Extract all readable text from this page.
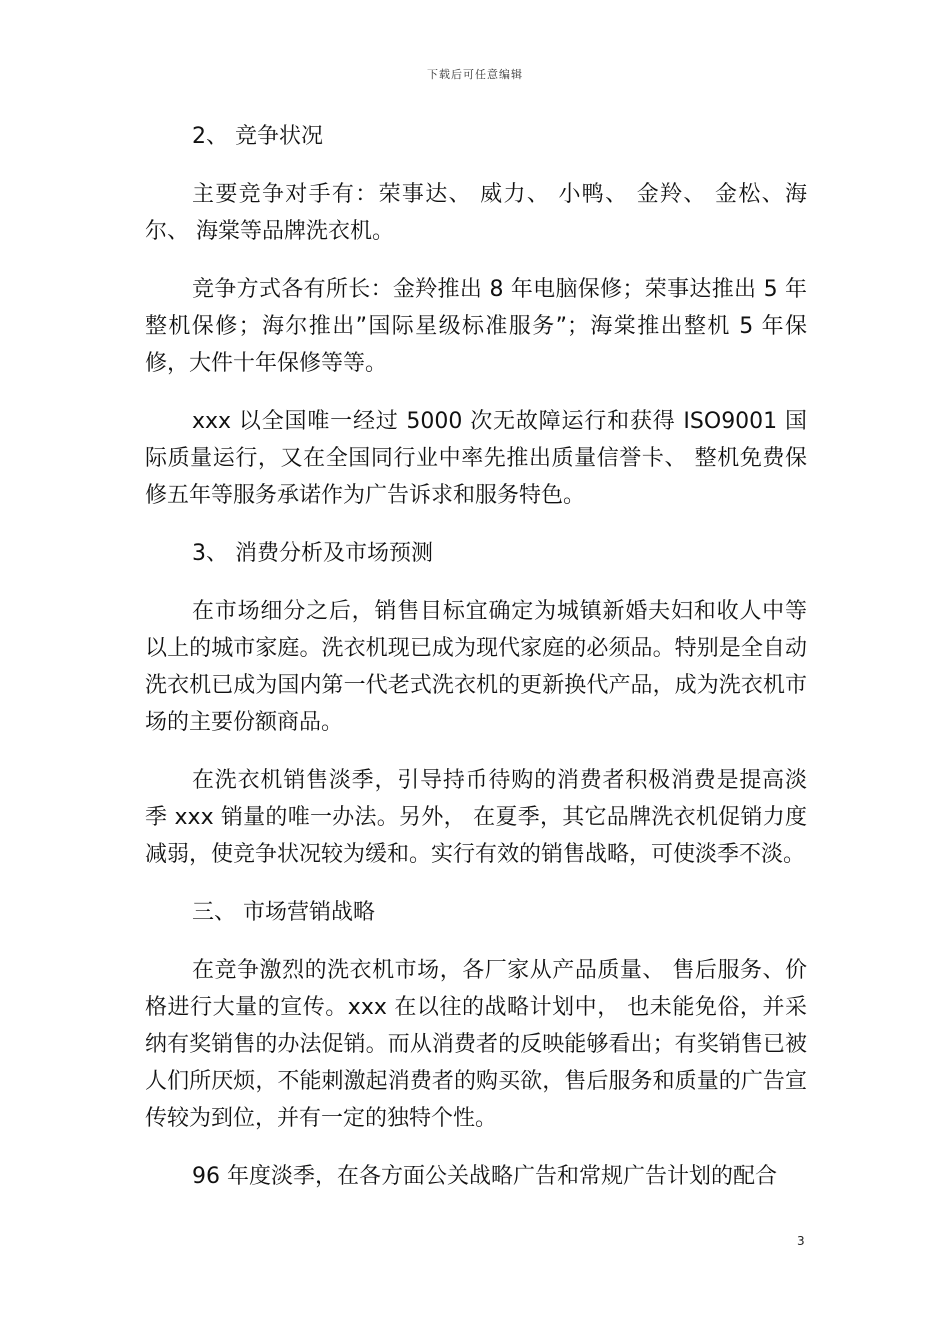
下载后可任意编辑
2、 竞争状况
主要竞争对手有：荣事达、 威力、 小鸭、 金羚、 金松、海尔、 海棠等品牌洗衣机。
竞争方式各有所长：金羚推出 8 年电脑保修；荣事达推出 5 年整机保修；海尔推出”国际星级标准服务”；海棠推出整机 5 年保修，大件十年保修等等。
xxx 以全国唯一经过 5000 次无故障运行和获得 ISO9001 国际质量运行，又在全国同行业中率先推出质量信誉卡、 整机免费保修五年等服务承诺作为广告诉求和服务特色。
3、 消费分析及市场预测
在市场细分之后，销售目标宜确定为城镇新婚夫妇和收人中等以上的城市家庭。洗衣机现已成为现代家庭的必须品。特别是全自动洗衣机已成为国内第一代老式洗衣机的更新换代产品，成为洗衣机市场的主要份额商品。
在洗衣机销售淡季，引导持币待购的消费者积极消费是提高淡季 xxx 销量的唯一办法。另外， 在夏季，其它品牌洗衣机促销力度减弱，使竞争状况较为缓和。实行有效的销售战略，可使淡季不淡。
三、 市场营销战略
在竞争激烈的洗衣机市场，各厂家从产品质量、 售后服务、价格进行大量的宣传。xxx 在以往的战略计划中， 也未能免俗，并采纳有奖销售的办法促销。而从消费者的反映能够看出；有奖销售已被人们所厌烦，不能刺激起消费者的购买欲，售后服务和质量的广告宣传较为到位，并有一定的独特个性。
96 年度淡季，在各方面公关战略广告和常规广告计划的配合
3
